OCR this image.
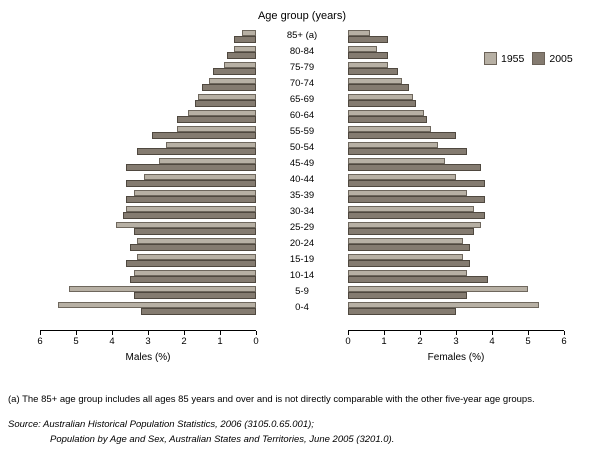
Age group (years)
1955 2005
85+ (a)
80-84
75-79
70-74
65-69
60-64
55-59
50-54
45-49
40-44
35-39
30-34
25-29
20-24
15-19
10-14
5-9
0-4
6	5	4	3	2	1	0	0	1	2	3	4	5	6
Males (%)	Females (%)
(a) The 85+ age group includes all ages 85 years and over and is not directly comparable with the other five-year age groups.
Source: Australian Historical Population Statistics, 2006 (3105.0.65.001);
Population by Age and Sex, Australian States and Territories, June 2005 (3201.0).
